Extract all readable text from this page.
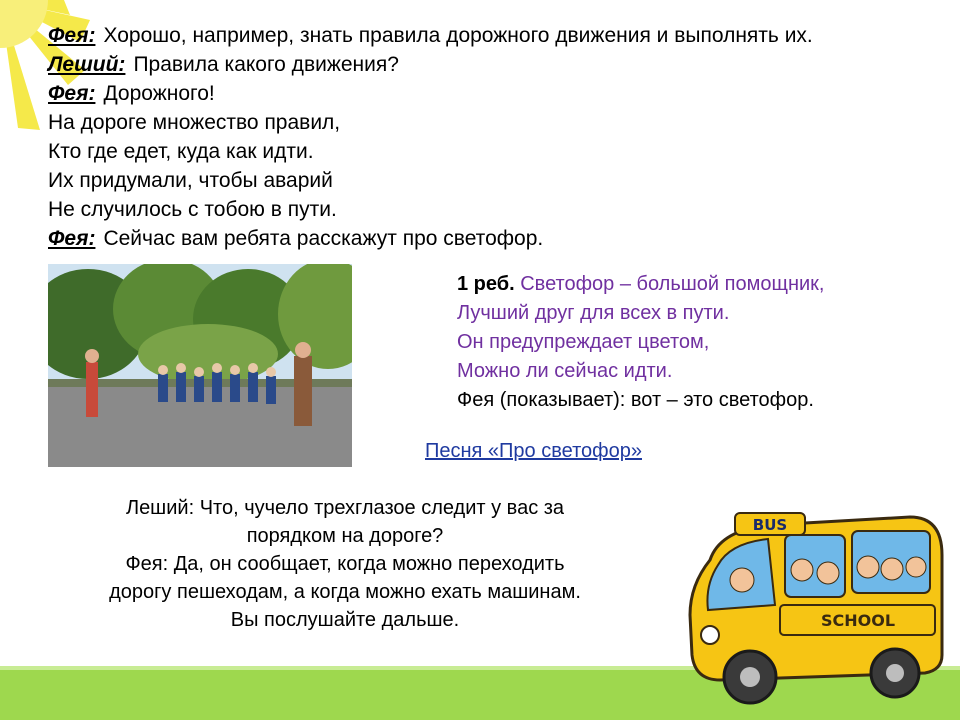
Фея: Хорошо, например, знать правила дорожного движения и выполнять их.
Леший: Правила какого движения?
Фея: Дорожного!
На дороге множество правил,
Кто где едет, куда как идти.
Их придумали, чтобы аварий
Не случилось с тобою в пути.
Фея: Сейчас вам ребята расскажут про светофор.
1 реб. Светофор – большой помощник,
Лучший друг для всех в пути.
Он предупреждает цветом,
Можно ли сейчас идти.
Фея (показывает): вот – это светофор.
Песня «Про светофор»
Леший: Что, чучело трехглазое следит у вас за
порядком на дороге?
Фея: Да, он сообщает, когда можно переходить
дорогу пешеходам, а когда можно ехать машинам.
Вы послушайте дальше.
BUS
SCHOOL
